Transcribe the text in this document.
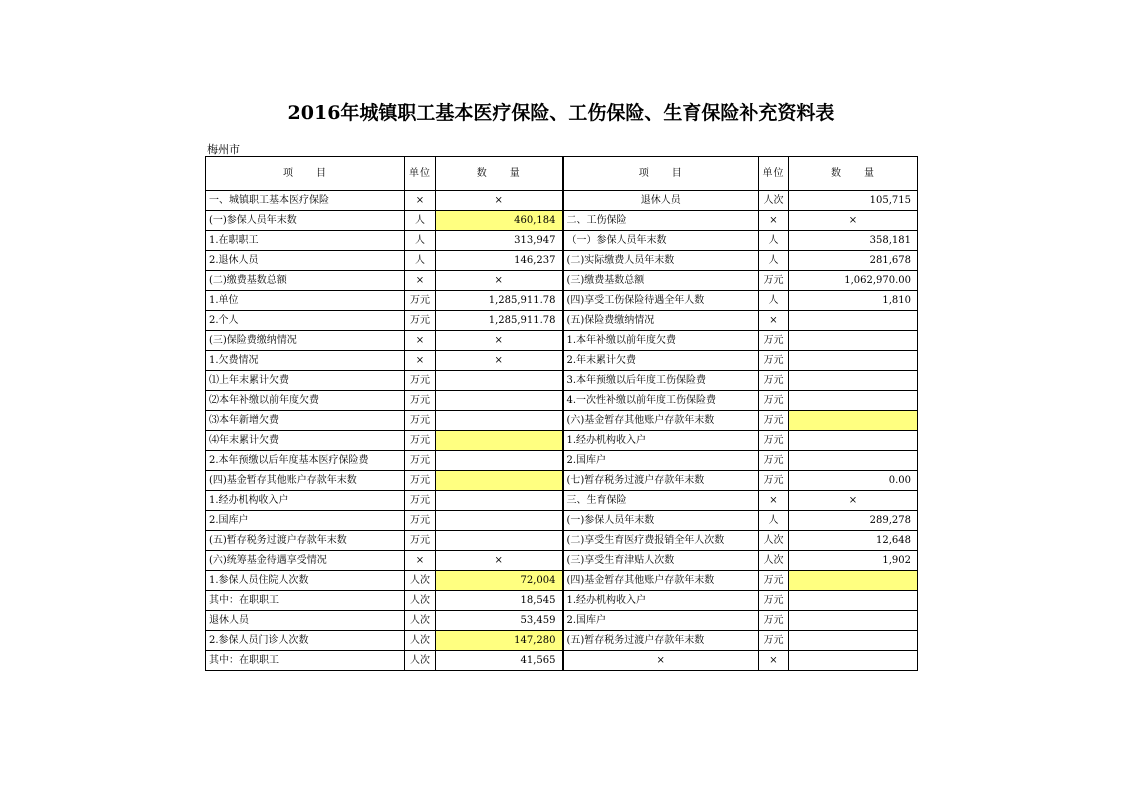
2016年城镇职工基本医疗保险、工伤保险、生育保险补充资料表
梅州市
项　　目	单位	数　　量	项　　目	单位	数　　量
一、城镇职工基本医疗保险	×	×	退休人员	人次	105,715
(一)参保人员年末数	人	460,184	二、工伤保险	×	×
1.在职职工	人	313,947	（一）参保人员年末数	人	358,181
2.退休人员	人	146,237	(二)实际缴费人员年末数	人	281,678
(二)缴费基数总额	×	×	(三)缴费基数总额	万元	1,062,970.00
1.单位	万元	1,285,911.78	(四)享受工伤保险待遇全年人数	人	1,810
2.个人	万元	1,285,911.78	(五)保险费缴纳情况	×	
(三)保险费缴纳情况	×	×	1.本年补缴以前年度欠费	万元	
1.欠费情况	×	×	2.年末累计欠费	万元	
⑴上年末累计欠费	万元		3.本年预缴以后年度工伤保险费	万元	
⑵本年补缴以前年度欠费	万元		4.一次性补缴以前年度工伤保险费	万元	
⑶本年新增欠费	万元		(六)基金暂存其他账户存款年末数	万元	
⑷年末累计欠费	万元		1.经办机构收入户	万元	
2.本年预缴以后年度基本医疗保险费	万元		2.国库户	万元	
(四)基金暂存其他账户存款年末数	万元		(七)暂存税务过渡户存款年末数	万元	0.00
1.经办机构收入户	万元		三、生育保险	×	×
2.国库户	万元		(一)参保人员年末数	人	289,278
(五)暂存税务过渡户存款年末数	万元		(二)享受生育医疗费报销全年人次数	人次	12,648
(六)统筹基金待遇享受情况	×	×	(三)享受生育津贴人次数	人次	1,902
1.参保人员住院人次数	人次	72,004	(四)基金暂存其他账户存款年末数	万元	
其中：在职职工	人次	18,545	1.经办机构收入户	万元	
退休人员	人次	53,459	2.国库户	万元	
2.参保人员门诊人次数	人次	147,280	(五)暂存税务过渡户存款年末数	万元	
其中：在职职工	人次	41,565	×	×	
